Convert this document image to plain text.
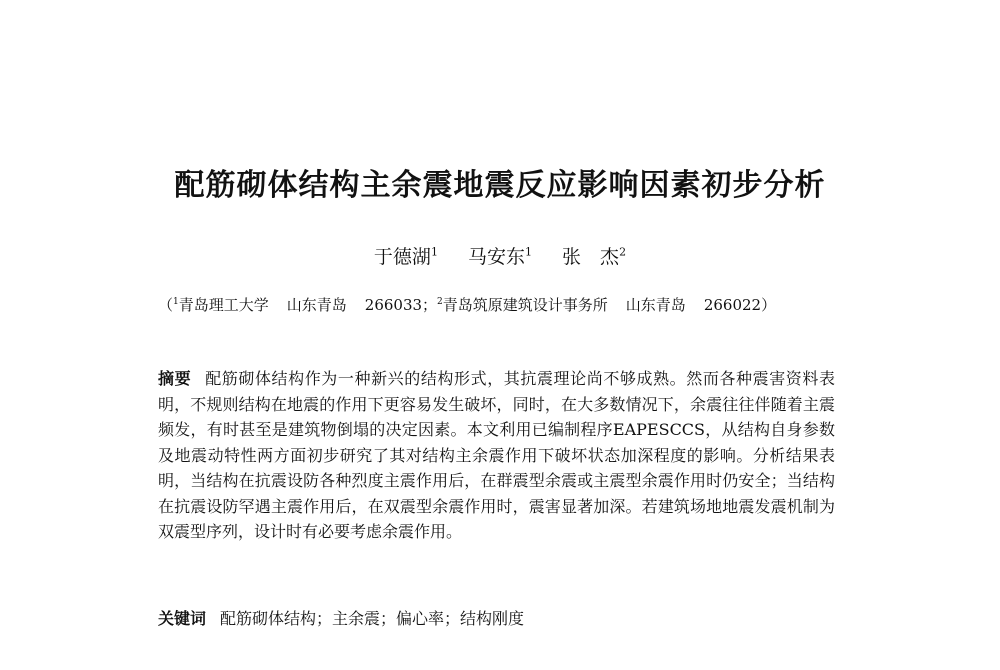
配筋砌体结构主余震地震反应影响因素初步分析
于德湖$^1$ 马安东$^1$ 张　杰$^2$
（$^1$青岛理工大学 山东青岛 266033；$^2$青岛筑原建筑设计事务所 山东青岛 266022）
摘要 配筋砌体结构作为一种新兴的结构形式，其抗震理论尚不够成熟。然而各种震害资料表明，不规则结构在地震的作用下更容易发生破坏，同时，在大多数情况下，余震往往伴随着主震频发，有时甚至是建筑物倒塌的决定因素。本文利用已编制程序EAPESCCS，从结构自身参数及地震动特性两方面初步研究了其对结构主余震作用下破坏状态加深程度的影响。分析结果表明，当结构在抗震设防各种烈度主震作用后，在群震型余震或主震型余震作用时仍安全；当结构在抗震设防罕遇主震作用后，在双震型余震作用时，震害显著加深。若建筑场地地震发震机制为双震型序列，设计时有必要考虑余震作用。
关键词 配筋砌体结构；主余震；偏心率；结构刚度
